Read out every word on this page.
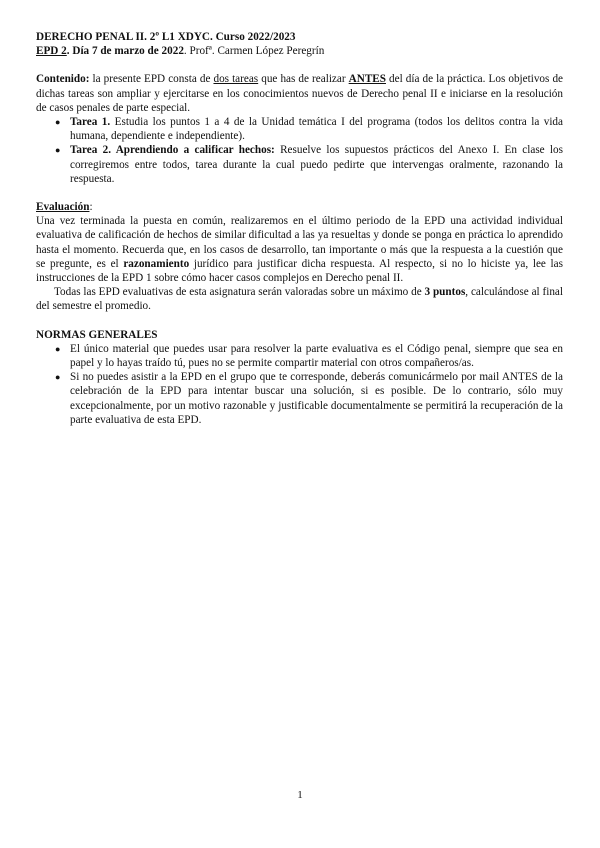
DERECHO PENAL II. 2º L1 XDYC. Curso 2022/2023

EPD 2. Día 7 de marzo de 2022. Profª. Carmen López Peregrín

Contenido: la presente EPD consta de dos tareas que has de realizar ANTES del día de la práctica. Los objetivos de dichas tareas son ampliar y ejercitarse en los conocimientos nuevos de Derecho penal II e iniciarse en la resolución de casos penales de parte especial.

● Tarea 1. Estudia los puntos 1 a 4 de la Unidad temática I del programa (todos los delitos contra la vida humana, dependiente e independiente).
● Tarea 2. Aprendiendo a calificar hechos: Resuelve los supuestos prácticos del Anexo I. En clase los corregiremos entre todos, tarea durante la cual puedo pedirte que intervengas oralmente, razonando la respuesta.

Evaluación:

Una vez terminada la puesta en común, realizaremos en el último periodo de la EPD una actividad individual evaluativa de calificación de hechos de similar dificultad a las ya resueltas y donde se ponga en práctica lo aprendido hasta el momento. Recuerda que, en los casos de desarrollo, tan importante o más que la respuesta a la cuestión que se pregunte, es el razonamiento jurídico para justificar dicha respuesta. Al respecto, si no lo hiciste ya, lee las instrucciones de la EPD 1 sobre cómo hacer casos complejos en Derecho penal II.

Todas las EPD evaluativas de esta asignatura serán valoradas sobre un máximo de 3 puntos, calculándose al final del semestre el promedio.

NORMAS GENERALES

● El único material que puedes usar para resolver la parte evaluativa es el Código penal, siempre que sea en papel y lo hayas traído tú, pues no se permite compartir material con otros compañeros/as.
● Si no puedes asistir a la EPD en el grupo que te corresponde, deberás comunicármelo por mail ANTES de la celebración de la EPD para intentar buscar una solución, si es posible. De lo contrario, sólo muy excepcionalmente, por un motivo razonable y justificable documentalmente se permitirá la recuperación de la parte evaluativa de esta EPD.
1
